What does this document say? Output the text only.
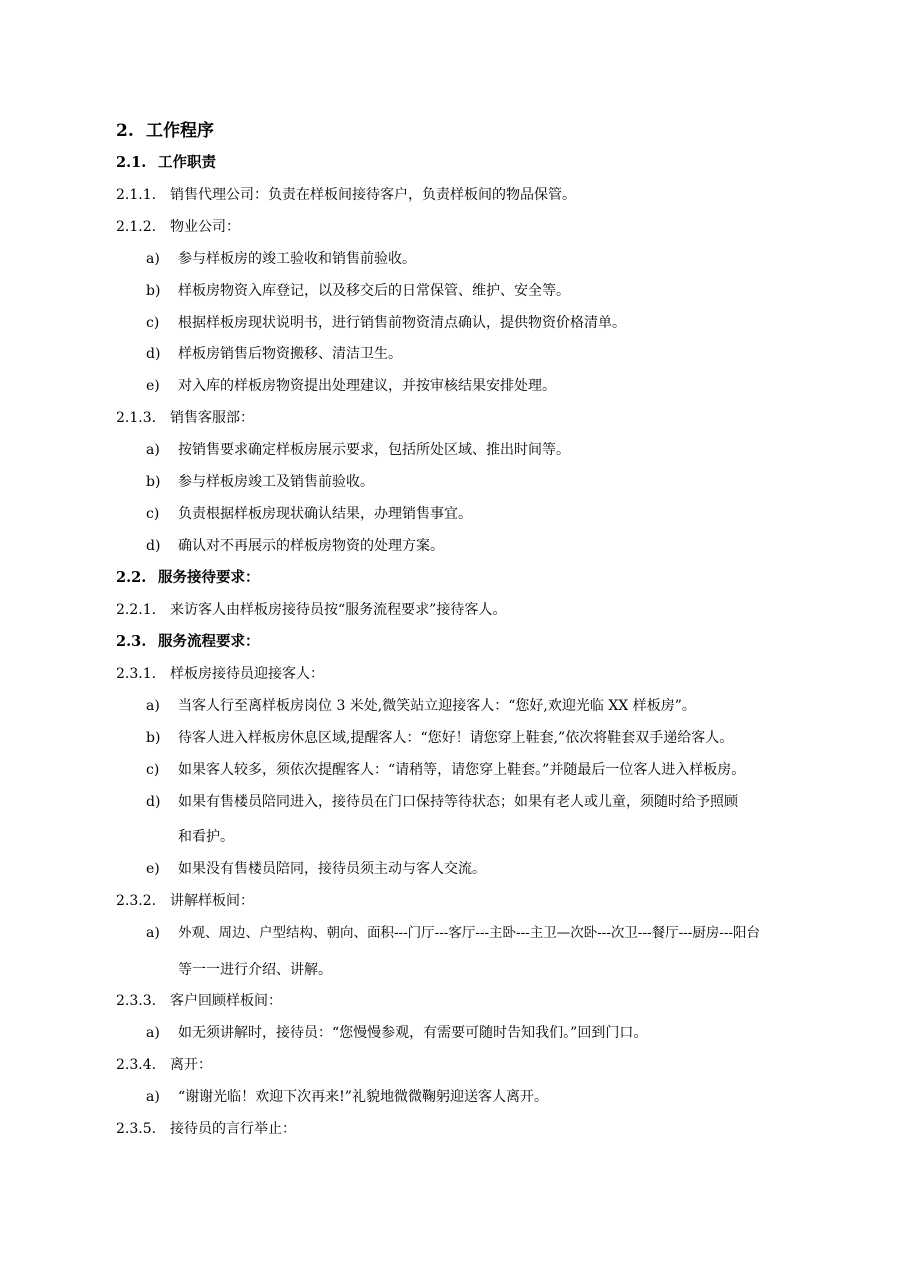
2. 工作程序
2.1. 工作职责
2.1.1. 销售代理公司：负责在样板间接待客户，负责样板间的物品保管。
2.1.2. 物业公司：
a) 参与样板房的竣工验收和销售前验收。
b) 样板房物资入库登记，以及移交后的日常保管、维护、安全等。
c) 根据样板房现状说明书，进行销售前物资清点确认，提供物资价格清单。
d) 样板房销售后物资搬移、清洁卫生。
e) 对入库的样板房物资提出处理建议，并按审核结果安排处理。
2.1.3. 销售客服部：
a) 按销售要求确定样板房展示要求，包括所处区域、推出时间等。
b) 参与样板房竣工及销售前验收。
c) 负责根据样板房现状确认结果，办理销售事宜。
d) 确认对不再展示的样板房物资的处理方案。
2.2. 服务接待要求：
2.2.1. 来访客人由样板房接待员按“服务流程要求”接待客人。
2.3. 服务流程要求：
2.3.1. 样板房接待员迎接客人：
a) 当客人行至离样板房岗位 3 米处,微笑站立迎接客人：“您好,欢迎光临 XX 样板房”。
b) 待客人进入样板房休息区域,提醒客人：“您好！请您穿上鞋套,”依次将鞋套双手递给客人。
c) 如果客人较多，须依次提醒客人：“请稍等，请您穿上鞋套。”并随最后一位客人进入样板房。
d) 如果有售楼员陪同进入，接待员在门口保持等待状态；如果有老人或儿童，须随时给予照顾
和看护。
e) 如果没有售楼员陪同，接待员须主动与客人交流。
2.3.2. 讲解样板间：
a) 外观、周边、户型结构、朝向、面积---门厅---客厅---主卧---主卫—次卧---次卫---餐厅---厨房---阳台
等一一进行介绍、讲解。
2.3.3. 客户回顾样板间：
a) 如无须讲解时，接待员：“您慢慢参观，有需要可随时告知我们。”回到门口。
2.3.4. 离开：
a) “谢谢光临！欢迎下次再来!”礼貌地微微鞠躬迎送客人离开。
2.3.5. 接待员的言行举止：
